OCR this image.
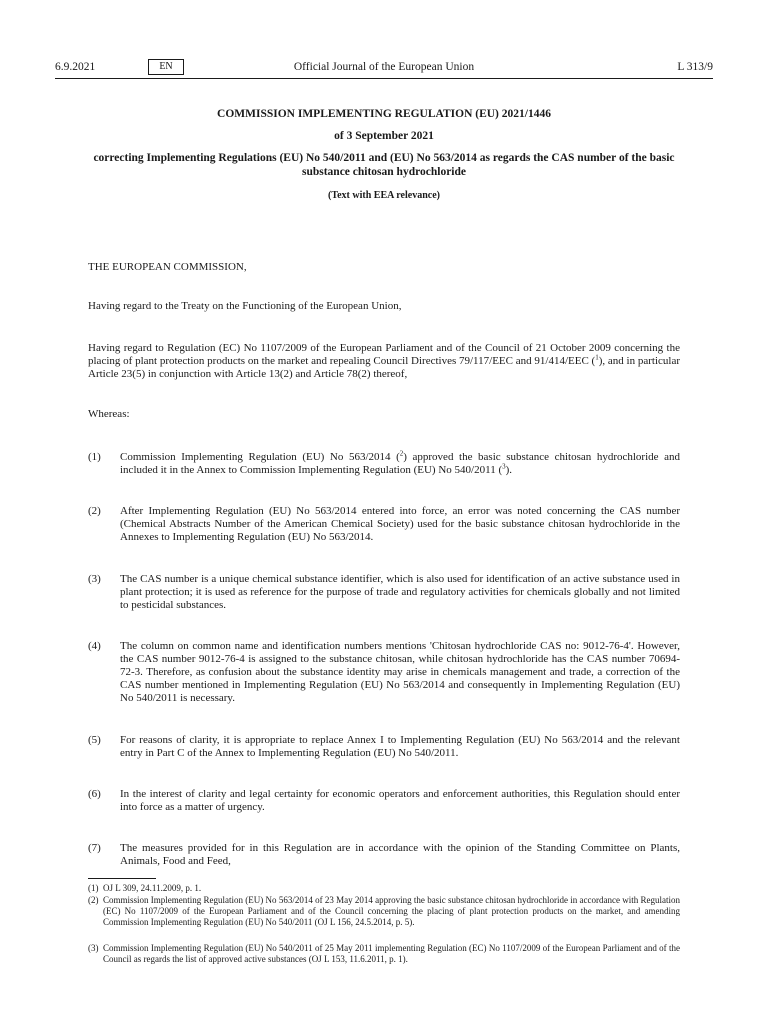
6.9.2021	EN	Official Journal of the European Union	L 313/9

COMMISSION IMPLEMENTING REGULATION (EU) 2021/1446

of 3 September 2021

correcting Implementing Regulations (EU) No 540/2011 and (EU) No 563/2014 as regards the CAS number of the basic substance chitosan hydrochloride

(Text with EEA relevance)

THE EUROPEAN COMMISSION,

Having regard to the Treaty on the Functioning of the European Union,

Having regard to Regulation (EC) No 1107/2009 of the European Parliament and of the Council of 21 October 2009 concerning the placing of plant protection products on the market and repealing Council Directives 79/117/EEC and 91/414/EEC ($^1$), and in particular Article 23(5) in conjunction with Article 13(2) and Article 78(2) thereof,

Whereas:

(1) Commission Implementing Regulation (EU) No 563/2014 ($^2$) approved the basic substance chitosan hydrochloride and included it in the Annex to Commission Implementing Regulation (EU) No 540/2011 ($^3$).
(2) After Implementing Regulation (EU) No 563/2014 entered into force, an error was noted concerning the CAS number (Chemical Abstracts Number of the American Chemical Society) used for the basic substance chitosan hydrochloride in the Annexes to Implementing Regulation (EU) No 563/2014.
(3) The CAS number is a unique chemical substance identifier, which is also used for identification of an active substance used in plant protection; it is used as reference for the purpose of trade and regulatory activities for chemicals globally and not limited to pesticidal substances.
(4) The column on common name and identification numbers mentions 'Chitosan hydrochloride CAS no: 9012-76-4'. However, the CAS number 9012-76-4 is assigned to the substance chitosan, while chitosan hydrochloride has the CAS number 70694-72-3. Therefore, as confusion about the substance identity may arise in chemicals management and trade, a correction of the CAS number mentioned in Implementing Regulation (EU) No 563/2014 and consequently in Implementing Regulation (EU) No 540/2011 is necessary.
(5) For reasons of clarity, it is appropriate to replace Annex I to Implementing Regulation (EU) No 563/2014 and the relevant entry in Part C of the Annex to Implementing Regulation (EU) No 540/2011.
(6) In the interest of clarity and legal certainty for economic operators and enforcement authorities, this Regulation should enter into force as a matter of urgency.
(7) The measures provided for in this Regulation are in accordance with the opinion of the Standing Committee on Plants, Animals, Food and Feed,
(1) OJ L 309, 24.11.2009, p. 1.
(2) Commission Implementing Regulation (EU) No 563/2014 of 23 May 2014 approving the basic substance chitosan hydrochloride in accordance with Regulation (EC) No 1107/2009 of the European Parliament and of the Council concerning the placing of plant protection products on the market, and amending Commission Implementing Regulation (EU) No 540/2011 (OJ L 156, 24.5.2014, p. 5).
(3) Commission Implementing Regulation (EU) No 540/2011 of 25 May 2011 implementing Regulation (EC) No 1107/2009 of the European Parliament and of the Council as regards the list of approved active substances (OJ L 153, 11.6.2011, p. 1).
